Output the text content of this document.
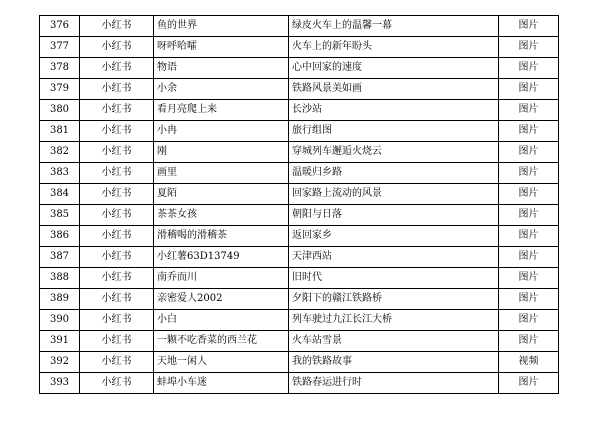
376	小红书	鱼的世界	绿皮火车上的温馨一幕	图片
377	小红书	呀呼哈嚯	火车上的新年盼头	图片
378	小红书	物语	心中回家的速度	图片
379	小红书	小余	铁路风景美如画	图片
380	小红书	看月亮爬上来	长沙站	图片
381	小红书	小冉	旅行组图	图片
382	小红书	刚	穿城列车邂逅火烧云	图片
383	小红书	画里	温暖归乡路	图片
384	小红书	夏陌	回家路上流动的风景	图片
385	小红书	茶茶女孩	朝阳与日落	图片
386	小红书	滑稽喝的滑稽茶	返回家乡	图片
387	小红书	小红薯63D13749	天津西站	图片
388	小红书	南乔而川	旧时代	图片
389	小红书	亲密爱人2002	夕阳下的赣江铁路桥	图片
390	小红书	小白	列车驶过九江长江大桥	图片
391	小红书	一颗不吃香菜的西兰花	火车站雪景	图片
392	小红书	天地一闲人	我的铁路故事	视频
393	小红书	蚌埠小车迷	铁路春运进行时	图片
